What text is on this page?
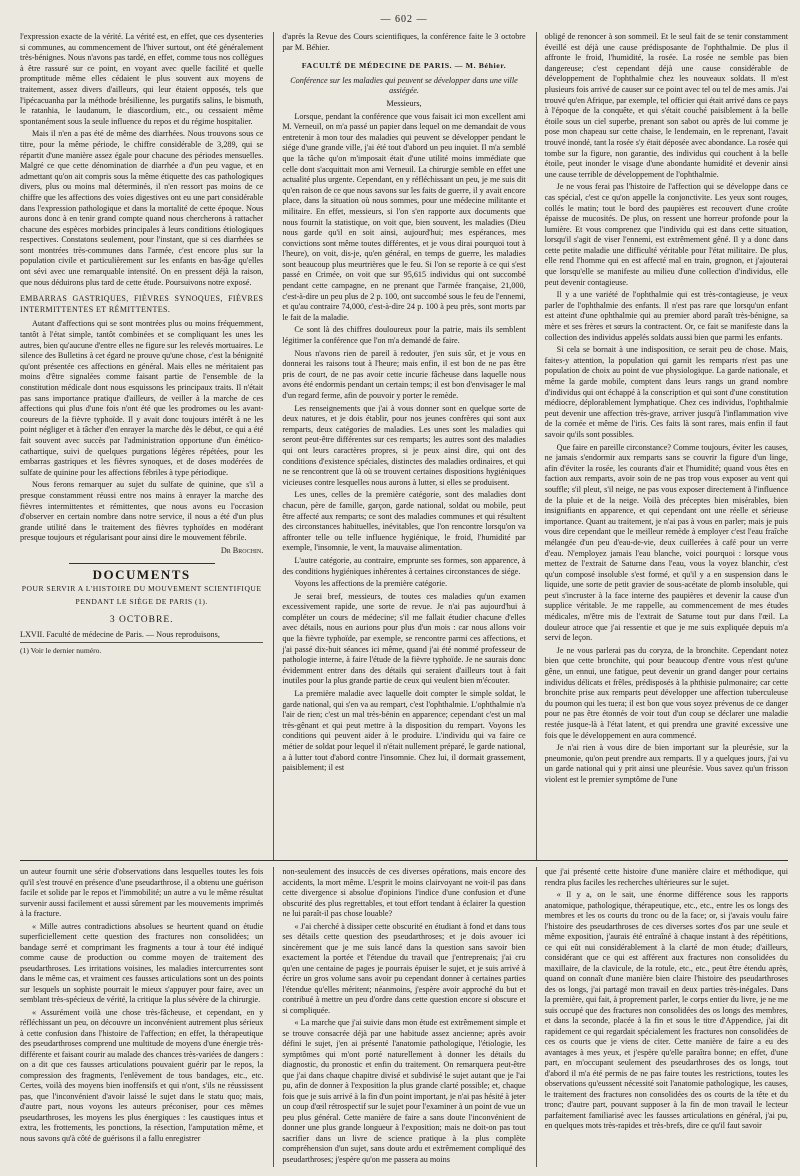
— 602 —

l'expression exacte de la vérité. La vérité est, en effet, que ces dysenteries si communes, au commencement de l'hiver surtout, ont été généralement très-bénignes. Nous n'avons pas tardé, en effet, comme tous nos collègues à être rassuré sur ce point, en voyant avec quelle facilité et quelle promptitude même elles cédaient le plus souvent aux moyens de traitement, assez divers d'ailleurs, qui leur étaient opposés, tels que l'ipécacuanha par la méthode brésilienne, les purgatifs salins, le bismuth, le ratanhia, le laudanum, le diascordium, etc., ou cessaient même spontanément sous la seule influence du repos et du régime hospitalier.

Mais il n'en a pas été de même des diarrhées. Nous trouvons sous ce titre, pour la même période, le chiffre considérable de 3,289, qui se répartit d'une manière assez égale pour chacune des périodes mensuelles. Malgré ce que cette dénomination de diarrhée a d'un peu vague, et en admettant qu'on ait compris sous la même étiquette des cas pathologiques divers, plus ou moins mal déterminés, il n'en ressort pas moins de ce chiffre que les affections des voies digestives ont eu une part considérable dans l'expression pathologique et dans la mortalité de cette époque. Nous aurons donc à en tenir grand compte quand nous chercherons à rattacher chacune des espèces morbides principales à leurs conditions étiologiques respectives. Constatons seulement, pour l'instant, que si ces diarrhées se sont montrées très-communes dans l'armée, c'est encore plus sur la population civile et particulièrement sur les enfants en bas-âge qu'elles ont sévi avec une remarquable intensité. On en pressent déjà la raison, que nous déduirons plus tard de cette étude. Poursuivons notre exposé.

EMBARRAS GASTRIQUES, FIÈVRES SYNOQUES, FIÈVRES INTERMITTENTES ET RÉMITTENTES.

Autant d'affections qui se sont montrées plus ou moins fréquemment, tantôt à l'état simple, tantôt combinées et se compliquant les unes les autres, bien qu'aucune d'entre elles ne figure sur les relevés mortuaires. Le silence des Bulletins à cet égard ne prouve qu'une chose, c'est la bénignité qu'ont présentée ces affections en général. Mais elles ne méritaient pas moins d'être signalées comme faisant partie de l'ensemble de la constitution médicale dont nous esquissons les principaux traits. Il n'était pas sans importance pratique d'ailleurs, de veiller à la marche de ces affections qui plus d'une fois n'ont été que les prodromes ou les avant-coureurs de la fièvre typhoïde. Il y avait donc toujours intérêt à ne les point négliger et à tâcher d'en enrayer la marche dès le début, ce qui a été fait souvent avec succès par l'administration opportune d'un émético-cathartique, suivi de quelques purgations légères répétées, pour les embarras gastriques et les fièvres synoques, et de doses modérées de sulfate de quinine pour les affections fébriles à type périodique.

Nous ferons remarquer au sujet du sulfate de quinine, que s'il a presque constamment réussi entre nos mains à enrayer la marche des fièvres intermittentes et rémittentes, que nous avons eu l'occasion d'observer en certain nombre dans notre service, il nous a été d'un plus grande utilité dans le traitement des fièvres typhoïdes en modérant presque toujours et régularisant pour ainsi dire le mouvement fébrile.

Dr Brochin.

DOCUMENTS
POUR SERVIR A L'HISTOIRE DU MOUVEMENT SCIENTIFIQUE
PENDANT LE SIÈGE DE PARIS (1).
3 OCTOBRE.

LXVII. Faculté de médecine de Paris. — Nous reproduisons,

(1) Voir le dernier numéro.

d'après la Revue des Cours scientifiques, la conférence faite le 3 octobre par M. Béhier.

FACULTÉ DE MÉDECINE DE PARIS. — M. Béhier.

Conférence sur les maladies qui peuvent se développer dans une ville assiégée.

Messieurs,

Lorsque, pendant la conférence que vous faisait ici mon excellent ami M. Verneuil, on m'a passé un papier dans lequel on me demandait de vous entretenir à mon tour des maladies qui peuvent se développer pendant le siége d'une grande ville, j'ai été tout d'abord un peu inquiet. Il m'a semblé que la tâche qu'on m'imposait était d'une utilité moins immédiate que celle dont s'acquittait mon ami Verneuil. La chirurgie semble en effet une actualité plus urgente. Cependant, en y réfléchissant un peu, je me suis dit qu'en raison de ce que nous savons sur les faits de guerre, il y avait encore place, dans la situation où nous sommes, pour une médecine militante et militaire. En effet, messieurs, si l'on s'en rapporte aux documents que nous fournit la statistique, on voit que, bien souvent, les maladies (Dieu nous garde qu'il en soit ainsi, aujourd'hui; mes espérances, mes convictions sont même toutes différentes, et je vous dirai pourquoi tout à l'heure), on voit, dis-je, qu'en général, en temps de guerre, les maladies sont beaucoup plus meurtrières que le feu. Si l'on se reporte à ce qui s'est passé en Crimée, on voit que sur 95,615 individus qui ont succombé pendant cette campagne, en ne prenant que l'armée française, 21,000, c'est-à-dire un peu plus de 2 p. 100, ont succombé sous le feu de l'ennemi, et qu'au contraire 74,000, c'est-à-dire 24 p. 100 à peu près, sont morts par le fait de la maladie.

Ce sont là des chiffres douloureux pour la patrie, mais ils semblent légitimer la conférence que l'on m'a demandé de faire.

Nous n'avons rien de pareil à redouter, j'en suis sûr, et je vous en donnerai les raisons tout à l'heure; mais enfin, il est bon de ne pas être pris de court, de ne pas avoir cette incurie fâcheuse dans laquelle nous avons été endormis pendant un certain temps; il est bon d'envisager le mal d'un regard ferme, afin de pouvoir y porter le remède.

Les renseignements que j'ai à vous donner sont en quelque sorte de deux natures, et je dois établir, pour nos jeunes confrères qui sont aux remparts, deux catégories de maladies. Les unes sont les maladies qui seront peut-être différentes sur ces remparts; les autres sont des maladies qui ont leurs caractères propres, si je peux ainsi dire, qui ont des conditions d'existence spéciales, distinctes des maladies ordinaires, et qui ne se rencontrent que là où se trouvent certaines dispositions hygiéniques vicieuses contre lesquelles nous aurons à lutter, si elles se produisent.

Les unes, celles de la première catégorie, sont des maladies dont chacun, père de famille, garçon, garde national, soldat ou mobile, peut être affecté aux remparts; ce sont des maladies communes et qui résultent des circonstances habituelles, inévitables, que l'on rencontre lorsqu'on va affronter telle ou telle influence hygiénique, le froid, l'humidité par exemple, l'insomnie, le vent, la mauvaise alimentation.

L'autre catégorie, au contraire, emprunte ses formes, son apparence, à des conditions hygiéniques inhérentes à certaines circonstances de siége.

Voyons les affections de la première catégorie.

Je serai bref, messieurs, de toutes ces maladies qu'un examen excessivement rapide, une sorte de revue. Je n'ai pas aujourd'hui à compléter un cours de médecine; s'il me fallait étudier chacune d'elles avec détails, nous en aurions pour plus d'un mois : car nous allons voir que la fièvre typhoïde, par exemple, se rencontre parmi ces affections, et j'ai passé dix-huit séances ici même, quand j'ai été nommé professeur de pathologie interne, à faire l'étude de la fièvre typhoïde. Je ne saurais donc évidemment entrer dans des détails qui seraient d'ailleurs tout à fait inutiles pour la plus grande partie de ceux qui veulent bien m'écouter.

La première maladie avec laquelle doit compter le simple soldat, le garde national, qui s'en va au rempart, c'est l'ophthalmie. L'ophthalmie n'a l'air de rien; c'est un mal très-bénin en apparence; cependant c'est un mal très-gênant et qui peut mettre à la disposition du rempart. Voyons les conditions qui peuvent aider à le produire. L'individu qui va faire ce métier de soldat pour lequel il n'était nullement préparé, le garde national, a à lutter tout d'abord contre l'insomnie. Chez lui, il dormait grassement, paisiblement; il est

obligé de renoncer à son sommeil. Et le seul fait de se tenir constamment éveillé est déjà une cause prédisposante de l'ophthalmie. De plus il affronte le froid, l'humidité, la rosée. La rosée ne semble pas bien dangereuse; c'est cependant déjà une cause considérable de développement de l'ophthalmie chez les nouveaux soldats. Il m'est plusieurs fois arrivé de causer sur ce point avec tel ou tel de mes amis. J'ai trouvé qu'en Afrique, par exemple, tel officier qui était arrivé dans ce pays à l'époque de la conquête, et qui s'était couché paisiblement à la belle étoile sous un ciel superbe, prenant son sabot ou après de lui comme je pose mon chapeau sur cette chaise, le lendemain, en le reprenant, l'avait trouvé inondé, tant la rosée s'y était déposée avec abondance. La rosée qui tombe sur la figure, non garantie, des individus qui couchent à la belle étoile, peut inonder le visage d'une abondante humidité et devenir ainsi une cause terrible de développement de l'ophthalmie.

Je ne vous ferai pas l'histoire de l'affection qui se développe dans ce cas spécial, c'est ce qu'on appelle la conjonctivite. Les yeux sont rouges, collés le matin; tout le bord des paupières est recouvert d'une croûte épaisse de mucosités. De plus, on ressent une horreur profonde pour la lumière. Et vous comprenez que l'individu qui est dans cette situation, lorsqu'il s'agit de viser l'ennemi, est extrêmement gêné. Il y a donc dans cette petite maladie une difficulté véritable pour l'état militaire. De plus, elle rend l'homme qui en est affecté mal en train, grognon, et j'ajouterai que lorsqu'elle se manifeste au milieu d'une collection d'individus, elle peut devenir contagieuse.

Il y a une variété de l'ophthalmie qui est très-contagieuse, je veux parler de l'ophthalmie des enfants. Il n'est pas rare que lorsqu'un enfant est atteint d'une ophthalmie qui au premier abord paraît très-bénigne, sa mère et ses frères et sœurs la contractent. Or, ce fait se manifeste dans la collection des individus appelés soldats aussi bien que parmi les enfants.

Si cela se bornait à une indisposition, ce serait peu de chose. Mais, faites-y attention, la population qui garnit les remparts n'est pas une population de choix au point de vue physiologique. La garde nationale, et même la garde mobile, comptent dans leurs rangs un grand nombre d'individus qui ont échappé à la conscription et qui sont d'une constitution médiocre, déplorablement lymphatique. Chez ces individus, l'ophthalmie peut devenir une affection très-grave, arriver jusqu'à l'inflammation vive de la cornée et même de l'iris. Ces faits là sont rares, mais enfin il faut savoir qu'ils sont possibles.

Que faire en pareille circonstance? Comme toujours, éviter les causes, ne jamais s'endormir aux remparts sans se couvrir la figure d'un linge, afin d'éviter la rosée, les courants d'air et l'humidité; quand vous êtes en faction aux remparts, avoir soin de ne pas trop vous exposer au vent qui souffle; s'il pleut, s'il neige, ne pas vous exposer directement à l'influence de la pluie et de la neige. Voilà des préceptes bien misérables, bien insignifiants en apparence, et qui cependant ont une réelle et sérieuse importance. Quant au traitement, je n'ai pas à vous en parler; mais je puis vous dire cependant que le meilleur remède à employer c'est l'eau fraîche mélangée d'un peu d'eau-de-vie, deux cuillerées à café pour un verre d'eau. N'employez jamais l'eau blanche, voici pourquoi : lorsque vous mettez de l'extrait de Saturne dans l'eau, vous la voyez blanchir, c'est qu'un composé insoluble s'est formé, et qu'il y a en suspension dans le liquide, une sorte de petit gravier de sous-acétate de plomb insoluble, qui peut s'incruster à la face interne des paupières et devenir la cause d'un supplice véritable. Je me rappelle, au commencement de mes études médicales, m'être mis de l'extrait de Saturne tout pur dans l'œil. La douleur atroce que j'ai ressentie et que je me suis expliquée depuis m'a servi de leçon.

Je ne vous parlerai pas du coryza, de la bronchite. Cependant notez bien que cette bronchite, qui pour beaucoup d'entre vous n'est qu'une gêne, un ennui, une fatigue, peut devenir un grand danger pour certains individus délicats et frêles, prédisposés à la phthisie pulmonaire; car cette bronchite prise aux remparts peut développer une affection tuberculeuse du poumon qui les tuera; il est bon que vous soyez prévenus de ce danger pour ne pas être étonnés de voir tout d'un coup se déclarer une maladie restée jusque-là à l'état latent, et qui prendra une gravité excessive une fois que le développement en aura commencé.

Je n'ai rien à vous dire de bien important sur la pleurésie, sur la pneumonie, qu'on peut prendre aux remparts. Il y a quelques jours, j'ai vu un garde national qui y prit ainsi une pleurésie. Vous savez qu'un frisson violent est le premier symptôme de l'une

un auteur fournit une série d'observations dans lesquelles toutes les fois qu'il s'est trouvé en présence d'une pseudarthrose, il a obtenu une guérison facile et solide par le repos et l'immobilité; un autre a vu le même résultat survenir aussi facilement et aussi sûrement par les mouvements imprimés à la fracture.

« Mille autres contradictions absolues se heurtent quand on étudie superficiellement cette question des fractures non consolidées; un bandage serré et comprimant les fragments a tour à tour été indiqué comme cause de production ou comme moyen de traitement des pseudarthroses. Les irritations voisines, les maladies intercurrentes sont dans le même cas, et vraiment ces fausses articulations sont un des points sur lesquels un sophiste pourrait le mieux s'appuyer pour faire, avec un semblant très-spécieux de vérité, la critique la plus sévère de la chirurgie.

« Assurément voilà une chose très-fâcheuse, et cependant, en y réfléchissant un peu, on découvre un inconvénient autrement plus sérieux à cette confusion dans l'histoire de l'affection; en effet, la thérapeutique des pseudarthroses comprend une multitude de moyens d'une énergie très-différente et faisant courir au malade des chances très-variées de dangers : on a dit que ces fausses articulations pouvaient guérir par le repos, la compression des fragments, l'enlèvement de tous bandages, etc., etc. Certes, voilà des moyens bien inoffensifs et qui n'ont, s'ils ne réussissent pas, que l'inconvénient d'avoir laissé le sujet dans le statu quo; mais, d'autre part, nous voyons les auteurs préconiser, pour ces mêmes pseudarthroses, les moyens les plus énergiques : les caustiques intus et extra, les frottements, les ponctions, la résection, l'amputation même, et nous savons qu'à côté de guérisons il a fallu enregistrer

non-seulement des insuccès de ces diverses opérations, mais encore des accidents, la mort même. L'esprit le moins clairvoyant ne voit-il pas dans cette divergence si absolue d'opinions l'indice d'une confusion et d'une obscurité des plus regrettables, et tout effort tendant à éclairer la question ne lui paraît-il pas chose louable?

« J'ai cherché à dissiper cette obscurité en étudiant à fond et dans tous ses détails cette question des pseudarthroses; et je dois avouer ici sincèrement que je me suis lancé dans la question sans savoir bien exactement la portée et l'étendue du travail que j'entreprenais; j'ai cru qu'en une centaine de pages je pourrais épuiser le sujet, et je suis arrivé à écrire un gros volume sans avoir pu cependant donner à certaines parties l'étendue qu'elles méritent; néanmoins, j'espère avoir approché du but et contribué à mettre un peu d'ordre dans cette question encore si obscure et si compliquée.

« La marche que j'ai suivie dans mon étude est extrêmement simple et se trouve consacrée déjà par une habitude assez ancienne; après avoir défini le sujet, j'en ai présenté l'anatomie pathologique, l'étiologie, les symptômes qui m'ont porté naturellement à donner les détails du diagnostic, du pronostic et enfin du traitement. On remarquera peut-être que j'ai dans chaque chapitre divisé et subdivisé le sujet autant que je l'ai pu, afin de donner à l'exposition la plus grande clarté possible; et, chaque fois que je suis arrivé à la fin d'un point important, je n'ai pas hésité à jeter un coup d'œil rétrospectif sur le sujet pour l'examiner à un point de vue un peu plus général. Cette manière de faire a sans doute l'inconvénient de donner une plus grande longueur à l'exposition; mais ne doit-on pas tout sacrifier dans un livre de science pratique à la plus complète compréhension d'un sujet, sans doute ardu et extrêmement compliqué des pseudarthroses; j'espère qu'on me passera au moins

que j'ai présenté cette histoire d'une manière claire et méthodique, qui rendra plus faciles les recherches ultérieures sur le sujet.

« Il y a, on le sait, une énorme différence sous les rapports anatomique, pathologique, thérapeutique, etc., etc., entre les os longs des membres et les os courts du tronc ou de la face; or, si j'avais voulu faire l'histoire des pseudarthroses de ces diverses sortes d'os par une seule et même exposition, j'aurais été entraîné à chaque instant à des répétitions, ce qui eût nui considérablement à la clarté de mon étude; d'ailleurs, considérant que ce qui est afférent aux fractures non consolidées du maxillaire, de la clavicule, de la rotule, etc., etc., peut être étendu après, quand on connaît d'une manière bien claire l'histoire des pseudarthroses des os longs, j'ai partagé mon travail en deux parties très-inégales. Dans la première, qui fait, à proprement parler, le corps entier du livre, je ne me suis occupé que des fractures non consolidées des os longs des membres, et dans la seconde, placée à la fin et sous le titre d'Appendice, j'ai dit rapidement ce qui regardait spécialement les fractures non consolidées de ces os courts que je viens de citer. Cette manière de faire a eu des avantages à mes yeux, et j'espère qu'elle paraîtra bonne; en effet, d'une part, en m'occupant seulement des pseudarthroses des os longs, tout d'abord il m'a été permis de ne pas faire toutes les restrictions, toutes les observations qu'eussent nécessité soit l'anatomie pathologique, les causes, le traitement des fractures non consolidées des os courts de la tête et du tronc; d'autre part, pouvant supposer à la fin de mon travail le lecteur parfaitement familiarisé avec les fausses articulations en général, j'ai pu, en quelques mots très-rapides et très-brefs, dire ce qu'il faut savoir
